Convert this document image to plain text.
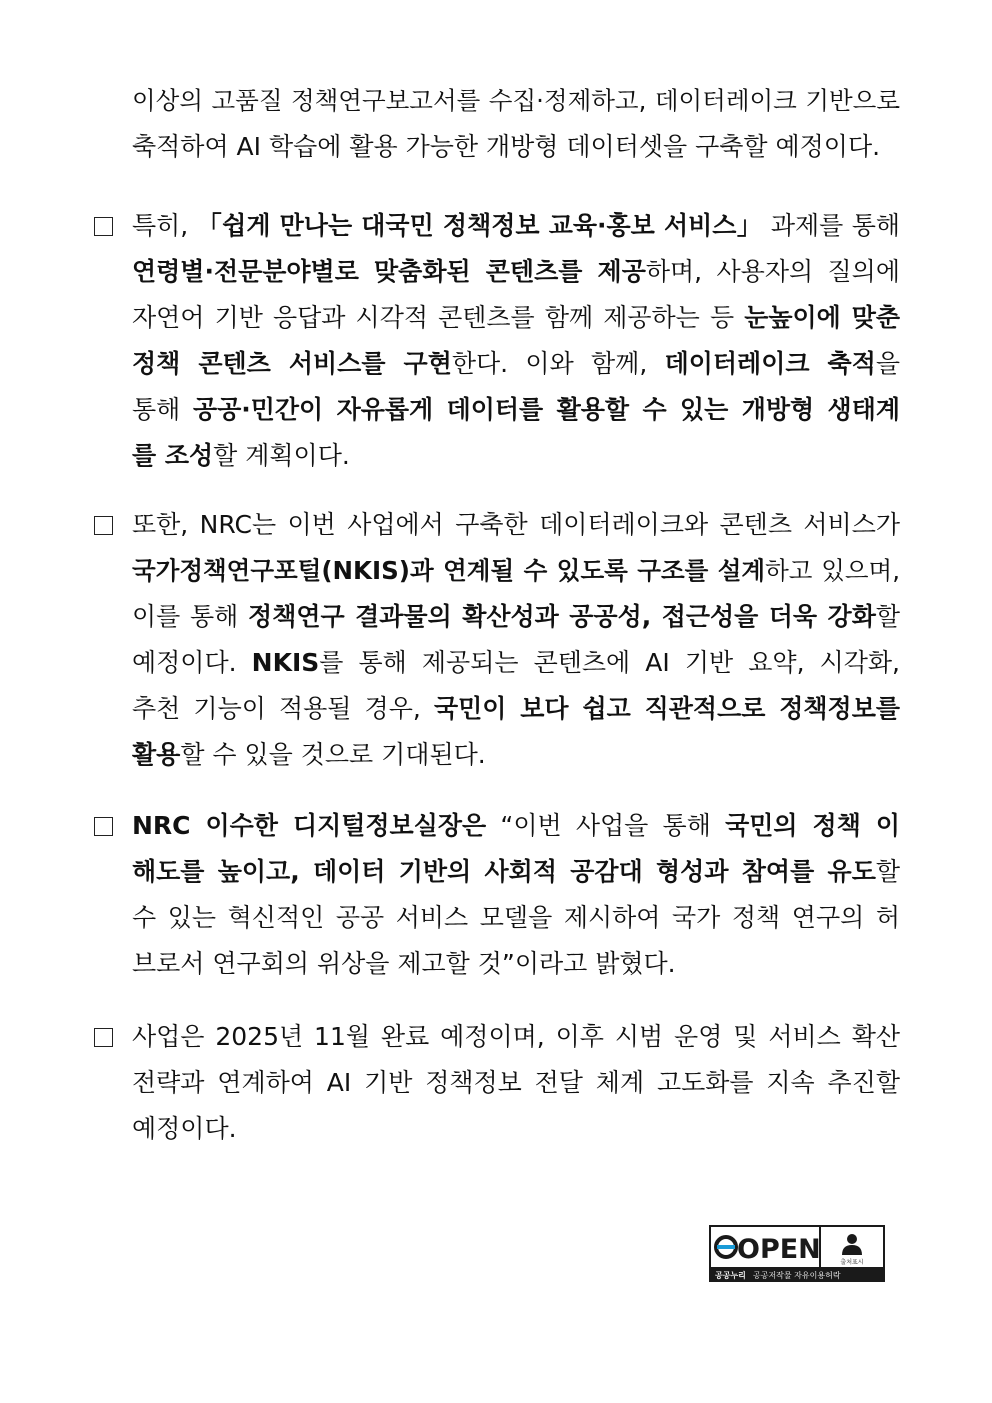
이상의 고품질 정책연구보고서를 수집·정제하고, 데이터레이크 기반으로
축적하여 AI 학습에 활용 가능한 개방형 데이터셋을 구축할 예정이다.
특히, 「쉽게 만나는 대국민 정책정보 교육·홍보 서비스」 과제를 통해
연령별·전문분야별로 맞춤화된 콘텐츠를 제공하며, 사용자의 질의에
자연어 기반 응답과 시각적 콘텐츠를 함께 제공하는 등 눈높이에 맞춘
정책 콘텐츠 서비스를 구현한다. 이와 함께, 데이터레이크 축적을
통해 공공·민간이 자유롭게 데이터를 활용할 수 있는 개방형 생태계
를 조성할 계획이다.
또한, NRC는 이번 사업에서 구축한 데이터레이크와 콘텐츠 서비스가
국가정책연구포털(NKIS)과 연계될 수 있도록 구조를 설계하고 있으며,
이를 통해 정책연구 결과물의 확산성과 공공성, 접근성을 더욱 강화할
예정이다. NKIS를 통해 제공되는 콘텐츠에 AI 기반 요약, 시각화,
추천 기능이 적용될 경우, 국민이 보다 쉽고 직관적으로 정책정보를
활용할 수 있을 것으로 기대된다.
NRC 이수한 디지털정보실장은 “이번 사업을 통해 국민의 정책 이
해도를 높이고, 데이터 기반의 사회적 공감대 형성과 참여를 유도할
수 있는 혁신적인 공공 서비스 모델을 제시하여 국가 정책 연구의 허
브로서 연구회의 위상을 제고할 것”이라고 밝혔다.
사업은 2025년 11월 완료 예정이며, 이후 시범 운영 및 서비스 확산
전략과 연계하여 AI 기반 정책정보 전달 체계 고도화를 지속 추진할
예정이다.
OPEN	출처표시
공공누리 공공저작물 자유이용허락
